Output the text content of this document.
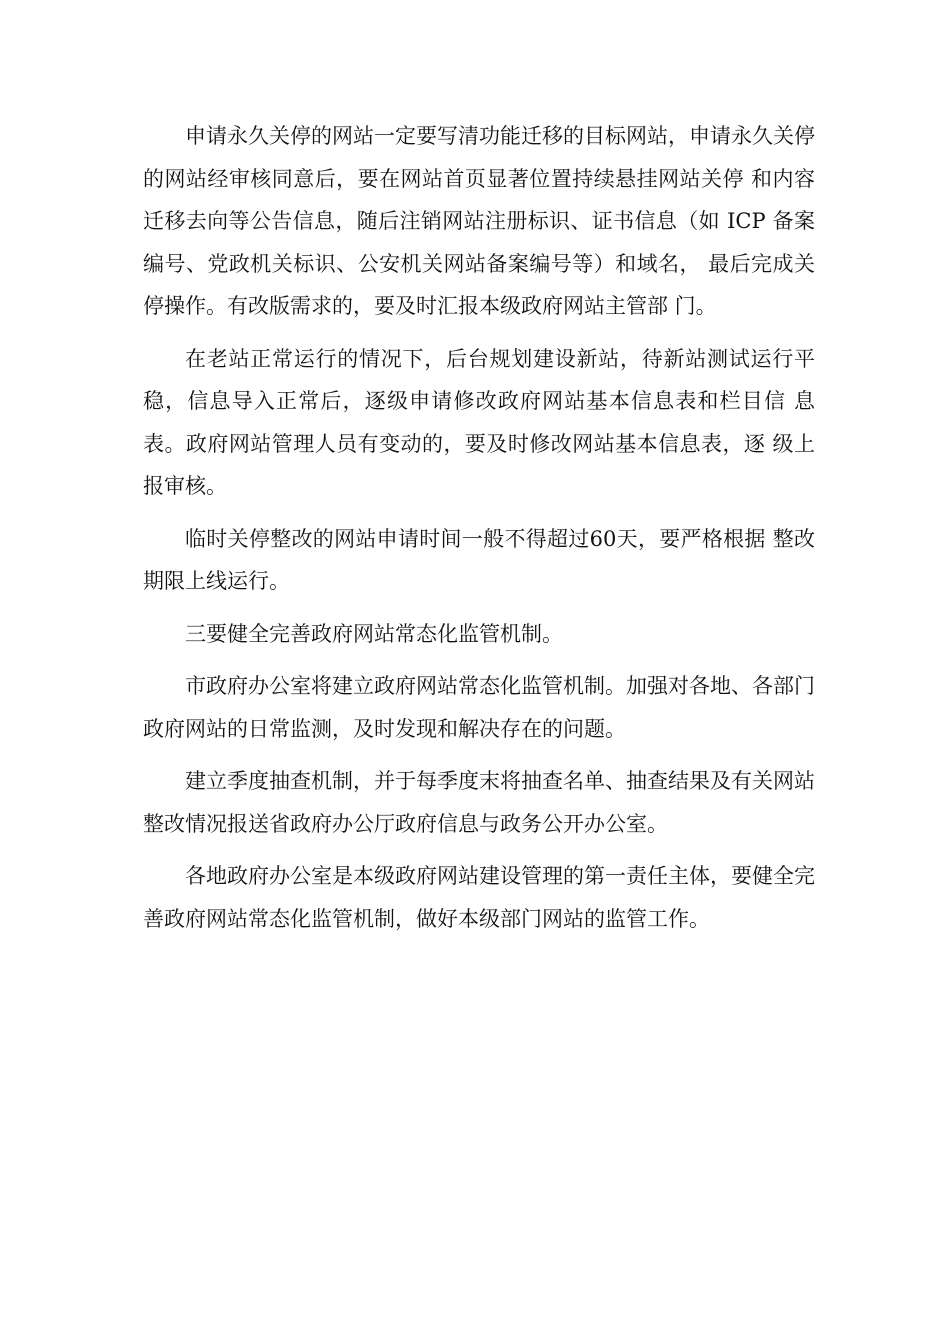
申请永久关停的网站一定要写清功能迁移的目标网站，申请永久关停的网站经审核同意后，要在网站首页显著位置持续悬挂网站关停 和内容迁移去向等公告信息，随后注销网站注册标识、证书信息（如 ICP 备案编号、党政机关标识、公安机关网站备案编号等）和域名， 最后完成关停操作。有改版需求的，要及时汇报本级政府网站主管部 门。

在老站正常运行的情况下，后台规划建设新站，待新站测试运行平稳，信息导入正常后，逐级申请修改政府网站基本信息表和栏目信 息表。政府网站管理人员有变动的，要及时修改网站基本信息表，逐 级上报审核。

临时关停整改的网站申请时间一般不得超过60天，要严格根据 整改期限上线运行。

三要健全完善政府网站常态化监管机制。

市政府办公室将建立政府网站常态化监管机制。加强对各地、各部门政府网站的日常监测，及时发现和解决存在的问题。

建立季度抽查机制，并于每季度末将抽查名单、抽查结果及有关网站整改情况报送省政府办公厅政府信息与政务公开办公室。

各地政府办公室是本级政府网站建设管理的第一责任主体，要健全完善政府网站常态化监管机制，做好本级部门网站的监管工作。
